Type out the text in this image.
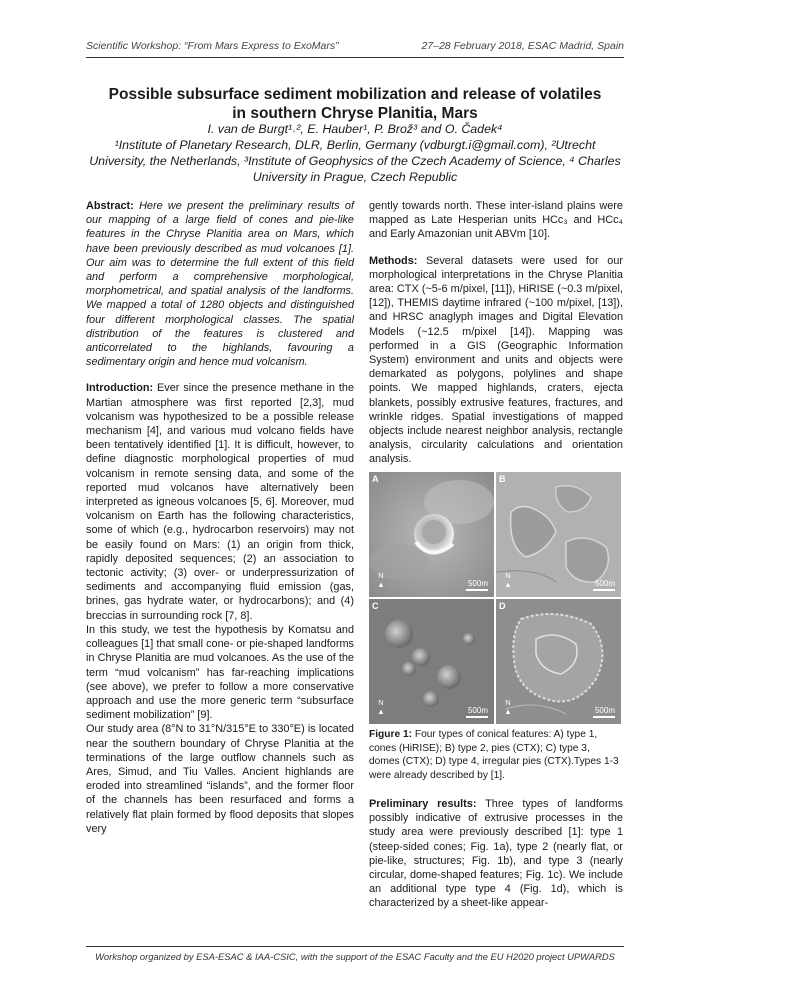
Scientific Workshop: “From Mars Express to ExoMars”	27–28 February 2018, ESAC Madrid, Spain
Possible subsurface sediment mobilization and release of volatiles
in southern Chryse Planitia, Mars
I. van de Burgt¹˒², E. Hauber¹, P. Brož³ and O. Čadek⁴
¹Institute of Planetary Research, DLR, Berlin, Germany (vdburgt.i@gmail.com), ²Utrecht University, the Netherlands, ³Institute of Geophysics of the Czech Academy of Science, ⁴ Charles University in Prague, Czech Republic

Abstract: Here we present the preliminary results of our mapping of a large field of cones and pie-like features in the Chryse Planitia area on Mars, which have been previously described as mud volcanoes [1]. Our aim was to determine the full extent of this field and perform a comprehensive morphological, morphometrical, and spatial analysis of the landforms. We mapped a total of 1280 objects and distinguished four different morphological classes. The spatial distribution of the features is clustered and anticorrelated to the highlands, favouring a sedimentary origin and hence mud volcanism.

Introduction: Ever since the presence methane in the Martian atmosphere was first reported [2,3], mud volcanism was hypothesized to be a possible release mechanism [4], and various mud volcano fields have been tentatively identified [1]. It is difficult, however, to define diagnostic morphological properties of mud volcanism in remote sensing data, and some of the reported mud volcanos have alternatively been interpreted as igneous volcanoes [5, 6]. Moreover, mud volcanism on Earth has the following characteristics, some of which (e.g., hydrocarbon reservoirs) may not be easily found on Mars: (1) an origin from thick, rapidly deposited sequences; (2) an association to tectonic activity; (3) over- or underpressurization of sediments and accompanying fluid emission (gas, brines, gas hydrate water, or hydrocarbons); and (4) breccias in surrounding rock [7, 8].

In this study, we test the hypothesis by Komatsu and colleagues [1] that small cone- or pie-shaped landforms in Chryse Planitia are mud volcanoes. As the use of the term “mud volcanism” has far-reaching implications (see above), we prefer to follow a more conservative approach and use the more generic term “subsurface sediment mobilization” [9].

Our study area (8°N to 31°N/315°E to 330°E) is located near the southern boundary of Chryse Planitia at the terminations of the large outflow channels such as Ares, Simud, and Tiu Valles. Ancient highlands are eroded into streamlined “islands”, and the former floor of the channels has been resurfaced and forms a relatively flat plain formed by flood deposits that slopes very

gently towards north. These inter-island plains were mapped as Late Hesperian units HCc₃ and HCc₄ and Early Amazonian unit ABVm [10].

Methods: Several datasets were used for our morphological interpretations in the Chryse Planitia area: CTX (~5-6 m/pixel, [11]), HiRISE (~0.3 m/pixel, [12]), THEMIS daytime infrared (~100 m/pixel, [13]), and HRSC anaglyph images and Digital Elevation Models (~12.5 m/pixel [14]). Mapping was performed in a GIS (Geographic Information System) environment and units and objects were demarkated as polygons, polylines and shape points. We mapped highlands, craters, ejecta blankets, possibly extrusive features, fractures, and wrinkle ridges. Spatial investigations of mapped objects include nearest neighbor analysis, rectangle analysis, circularity calculations and orientation analysis.

A
N
▲	500m
B
N
▲	500m
C
N
▲	500m
D
N
▲	500m
Figure 1: Four types of conical features: A) type 1, cones (HiRISE); B) type 2, pies (CTX); C) type 3, domes (CTX); D) type 4, irregular pies (CTX).Types 1-3 were already described by [1].

Preliminary results: Three types of landforms possibly indicative of extrusive processes in the study area were previously described [1]: type 1 (steep-sided cones; Fig. 1a), type 2 (nearly flat, or pie-like, structures; Fig. 1b), and type 3 (nearly circular, dome-shaped features; Fig. 1c). We include an additional type type 4 (Fig. 1d), which is characterized by a sheet-like appear-

Workshop organized by ESA-ESAC & IAA-CSIC, with the support of the ESAC Faculty and the EU H2020 project UPWARDS
